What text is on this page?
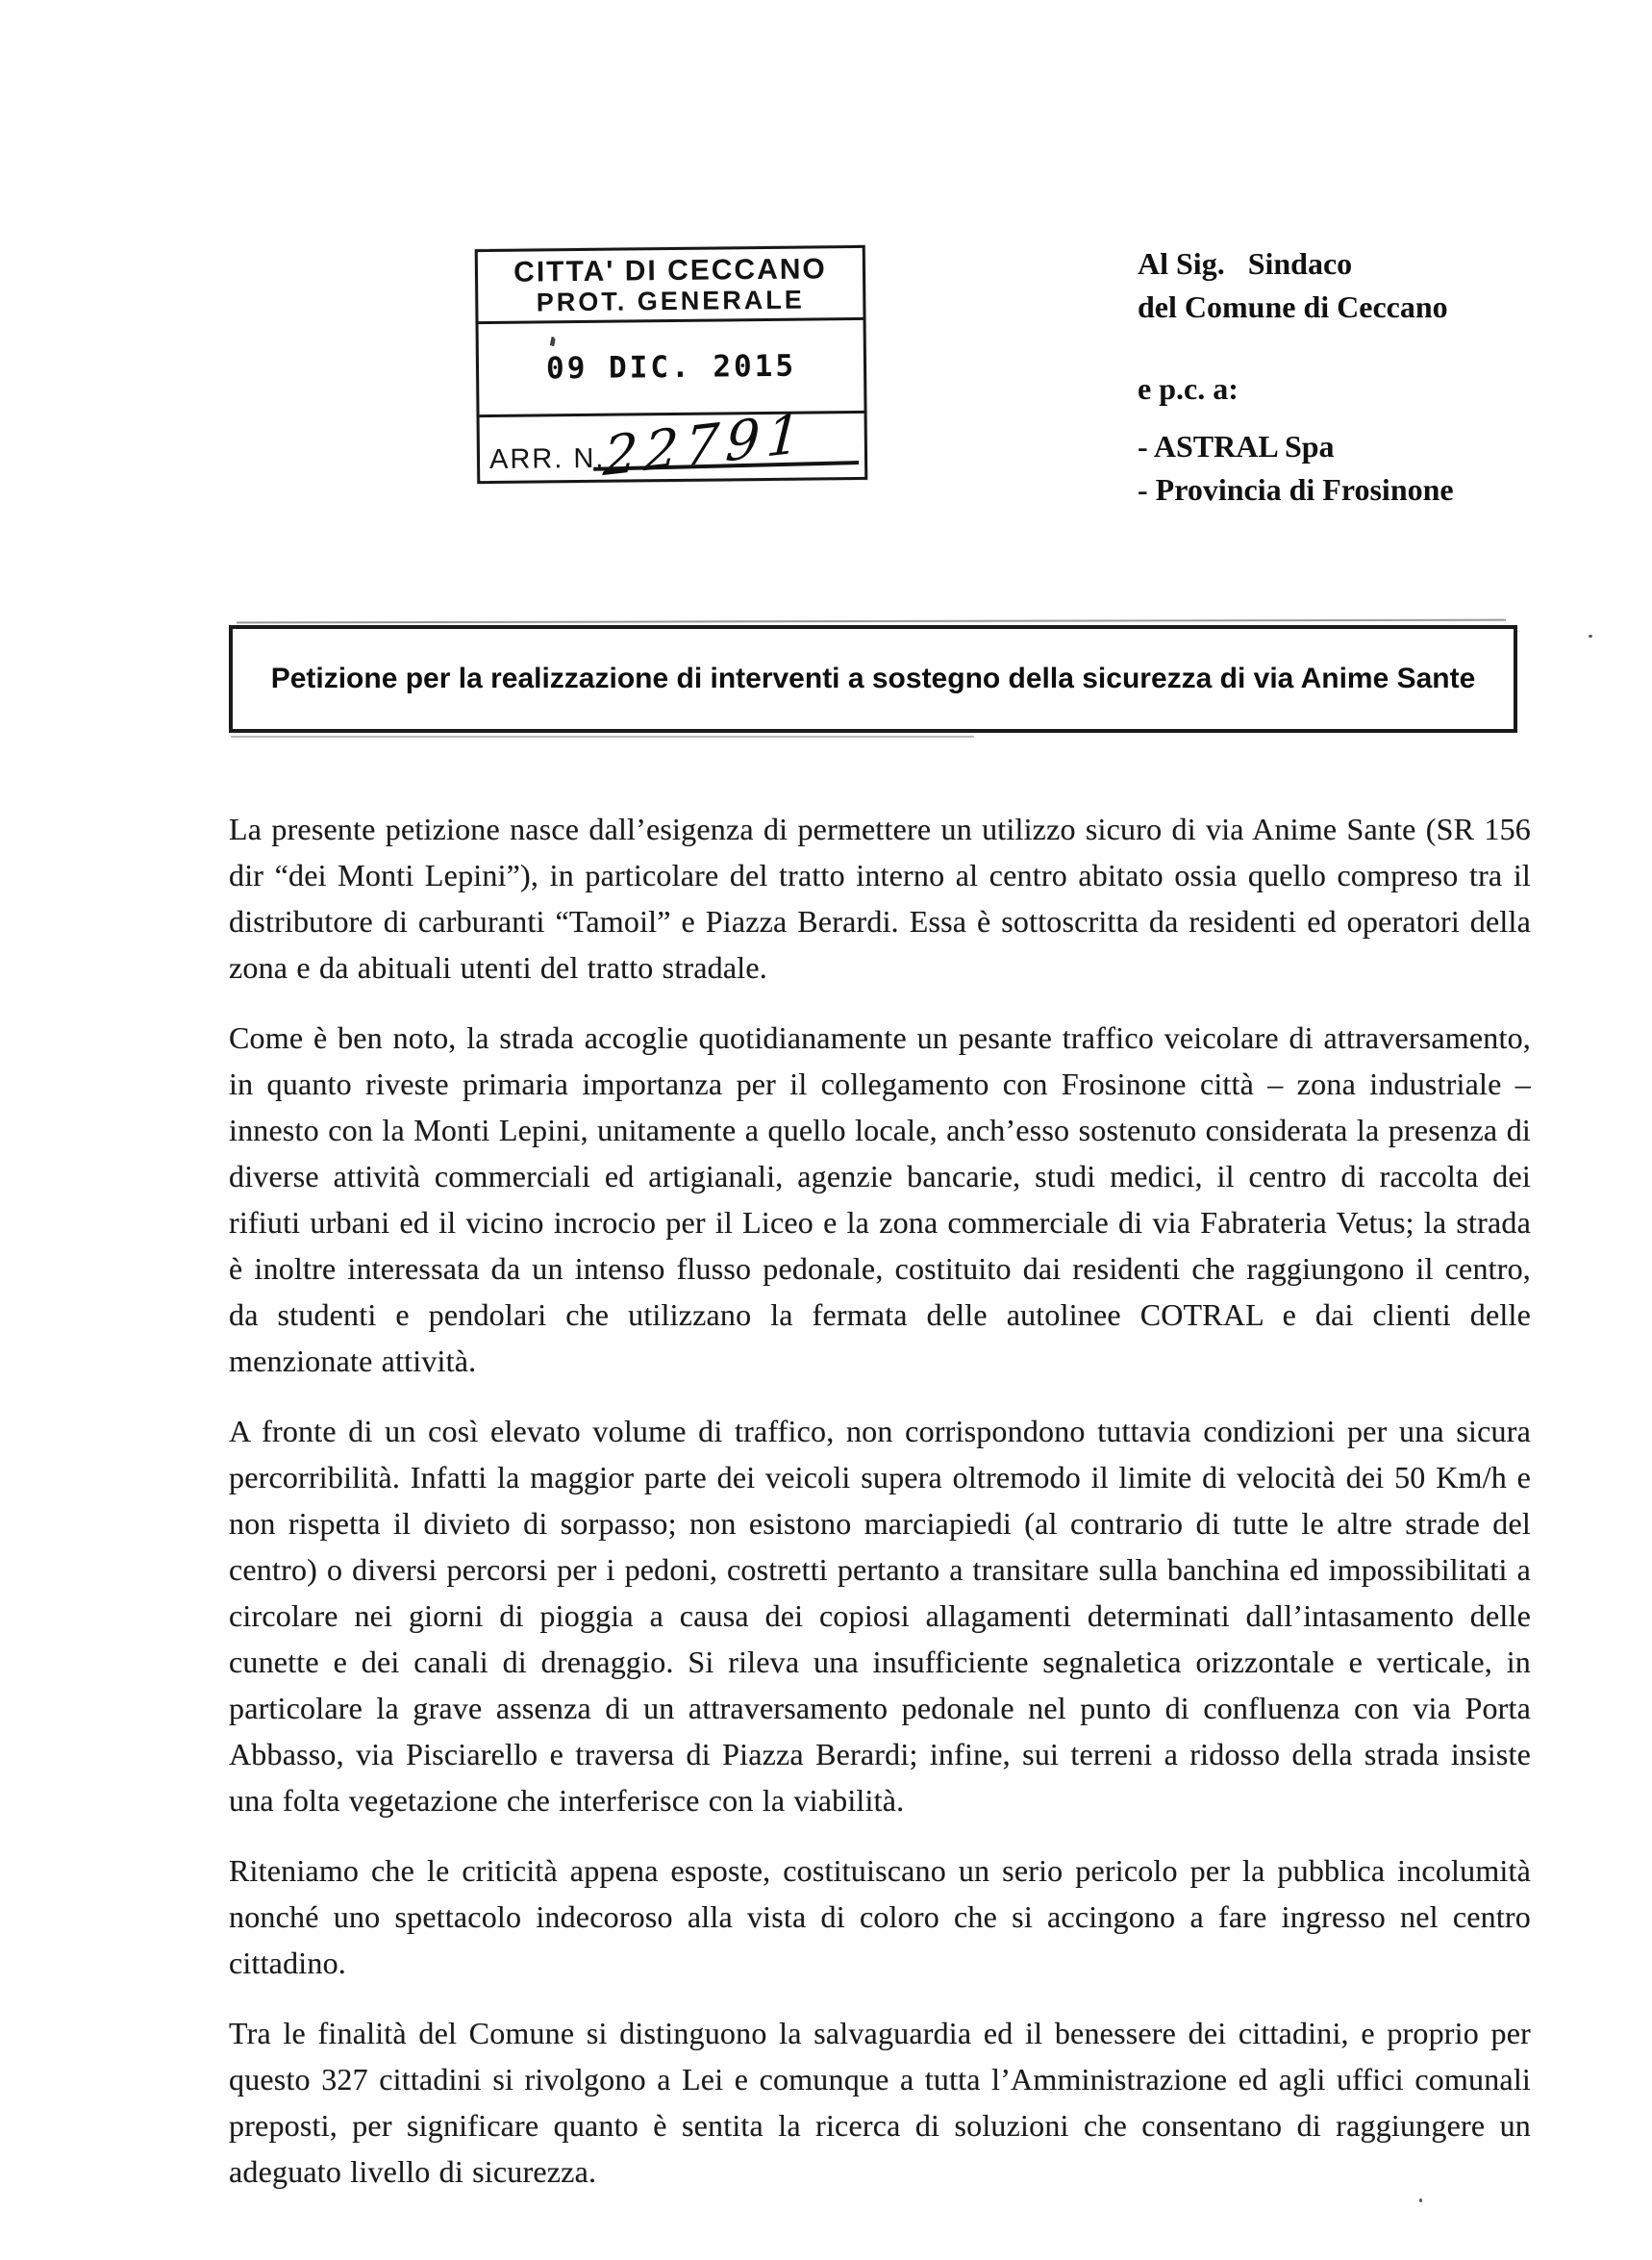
CITTA' DI CECCANO
PROT. GENERALE
09 DIC. 2015
ARR. N.
22791
Al Sig.   Sindaco
del Comune di Ceccano
e p.c. a:
- ASTRAL Spa
- Provincia di Frosinone
Petizione per la realizzazione di interventi a sostegno della sicurezza di via Anime Sante

La presente petizione nasce dall’esigenza di permettere un utilizzo sicuro di via Anime Sante (SR 156 dir “dei Monti Lepini”), in particolare del tratto interno al centro abitato ossia quello compreso tra il distributore di carburanti “Tamoil” e Piazza Berardi. Essa è sottoscritta da residenti ed operatori della zona e da abituali utenti del tratto stradale.

Come è ben noto, la strada accoglie quotidianamente un pesante traffico veicolare di attraversamento, in quanto riveste primaria importanza per il collegamento con Frosinone città – zona industriale – innesto con la Monti Lepini, unitamente a quello locale, anch’esso sostenuto considerata la presenza di diverse attività commerciali ed artigianali, agenzie bancarie, studi medici, il centro di raccolta dei rifiuti urbani ed il vicino incrocio per il Liceo e la zona commerciale di via Fabrateria Vetus; la strada è inoltre interessata da un intenso flusso pedonale, costituito dai residenti che raggiungono il centro, da studenti e pendolari che utilizzano la fermata delle autolinee COTRAL e dai clienti delle menzionate attività.

A fronte di un così elevato volume di traffico, non corrispondono tuttavia condizioni per una sicura percorribilità. Infatti la maggior parte dei veicoli supera oltremodo il limite di velocità dei 50 Km/h e non rispetta il divieto di sorpasso; non esistono marciapiedi (al contrario di tutte le altre strade del centro) o diversi percorsi per i pedoni, costretti pertanto a transitare sulla banchina ed impossibilitati a circolare nei giorni di pioggia a causa dei copiosi allagamenti determinati dall’intasamento delle cunette e dei canali di drenaggio. Si rileva una insufficiente segnaletica orizzontale e verticale, in particolare la grave assenza di un attraversamento pedonale nel punto di confluenza con via Porta Abbasso, via Pisciarello e traversa di Piazza Berardi; infine, sui terreni a ridosso della strada insiste una folta vegetazione che interferisce con la viabilità.

Riteniamo che le criticità appena esposte, costituiscano un serio pericolo per la pubblica incolumità nonché uno spettacolo indecoroso alla vista di coloro che si accingono a fare ingresso nel centro cittadino.

Tra le finalità del Comune si distinguono la salvaguardia ed il benessere dei cittadini, e proprio per questo 327 cittadini si rivolgono a Lei e comunque a tutta l’Amministrazione ed agli uffici comunali preposti, per significare quanto è sentita la ricerca di soluzioni che consentano di raggiungere un adeguato livello di sicurezza.
